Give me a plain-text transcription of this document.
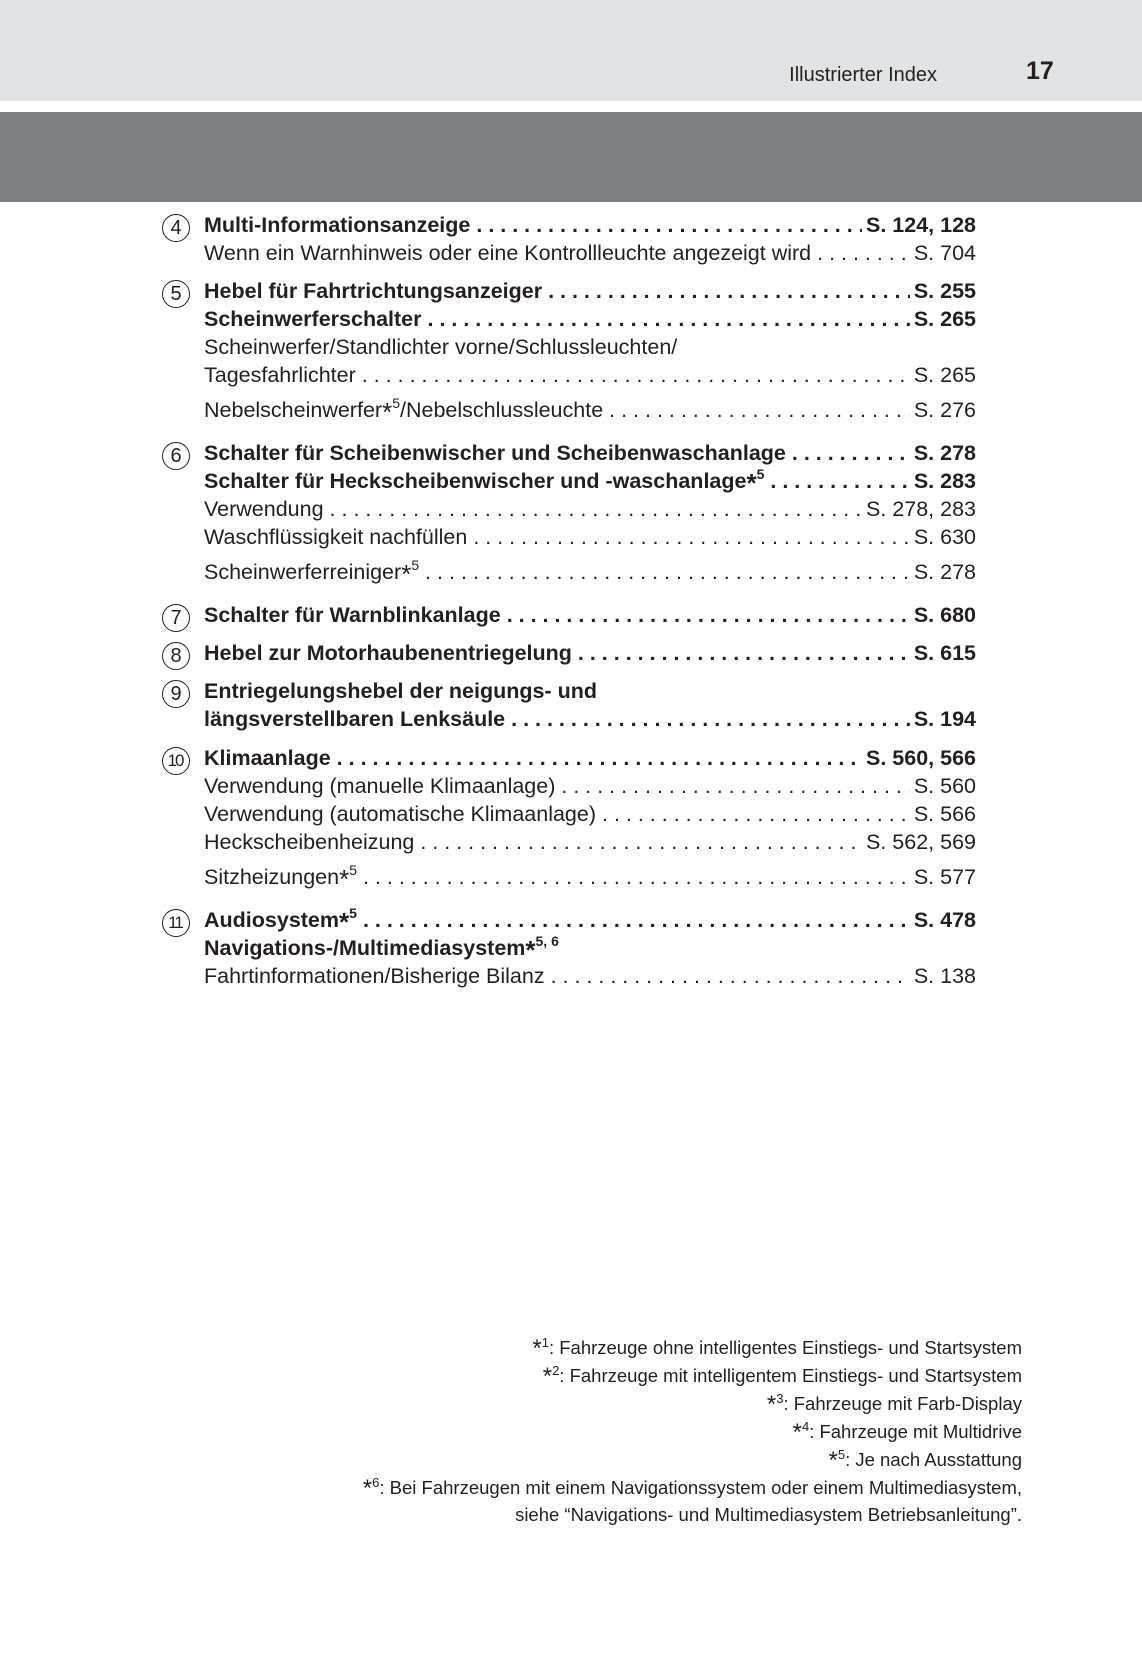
Illustrierter Index	17
4	Multi-Informationsanzeige . . .	S. 124, 128
Wenn ein Warnhinweis oder eine Kontrollleuchte angezeigt wird . . .	S. 704
5	Hebel für Fahrtrichtungsanzeiger . . .	S. 255
Scheinwerferschalter . . .	S. 265
Scheinwerfer/Standlichter vorne/Schlussleuchten/
Tagesfahrlichter . . .	S. 265
Nebelscheinwerfer*$^5$/Nebelschlussleuchte . . .	S. 276
6	Schalter für Scheibenwischer und Scheibenwaschanlage . . .	S. 278
Schalter für Heckscheibenwischer und -waschanlage*$^5$ . . .	S. 283
Verwendung . . .	S. 278, 283
Waschflüssigkeit nachfüllen . . .	S. 630
Scheinwerferreiniger*$^5$ . . .	S. 278
7	Schalter für Warnblinkanlage . . .	S. 680
8	Hebel zur Motorhaubenentriegelung . . .	S. 615
9	Entriegelungshebel der neigungs- und
längsverstellbaren Lenksäule . . .	S. 194
10	Klimaanlage . . .	S. 560, 566
Verwendung (manuelle Klimaanlage) . . .	S. 560
Verwendung (automatische Klimaanlage) . . .	S. 566
Heckscheibenheizung . . .	S. 562, 569
Sitzheizungen*$^5$ . . .	S. 577
11	Audiosystem*$^5$ . . .	S. 478
Navigations-/Multimediasystem*$^{5, 6}$
Fahrtinformationen/Bisherige Bilanz . . .	S. 138
*$^1$: Fahrzeuge ohne intelligentes Einstiegs- und Startsystem
*$^2$: Fahrzeuge mit intelligentem Einstiegs- und Startsystem
*$^3$: Fahrzeuge mit Farb-Display
*$^4$: Fahrzeuge mit Multidrive
*$^5$: Je nach Ausstattung
*$^6$: Bei Fahrzeugen mit einem Navigationssystem oder einem Multimediasystem,
siehe “Navigations- und Multimediasystem Betriebsanleitung”.
